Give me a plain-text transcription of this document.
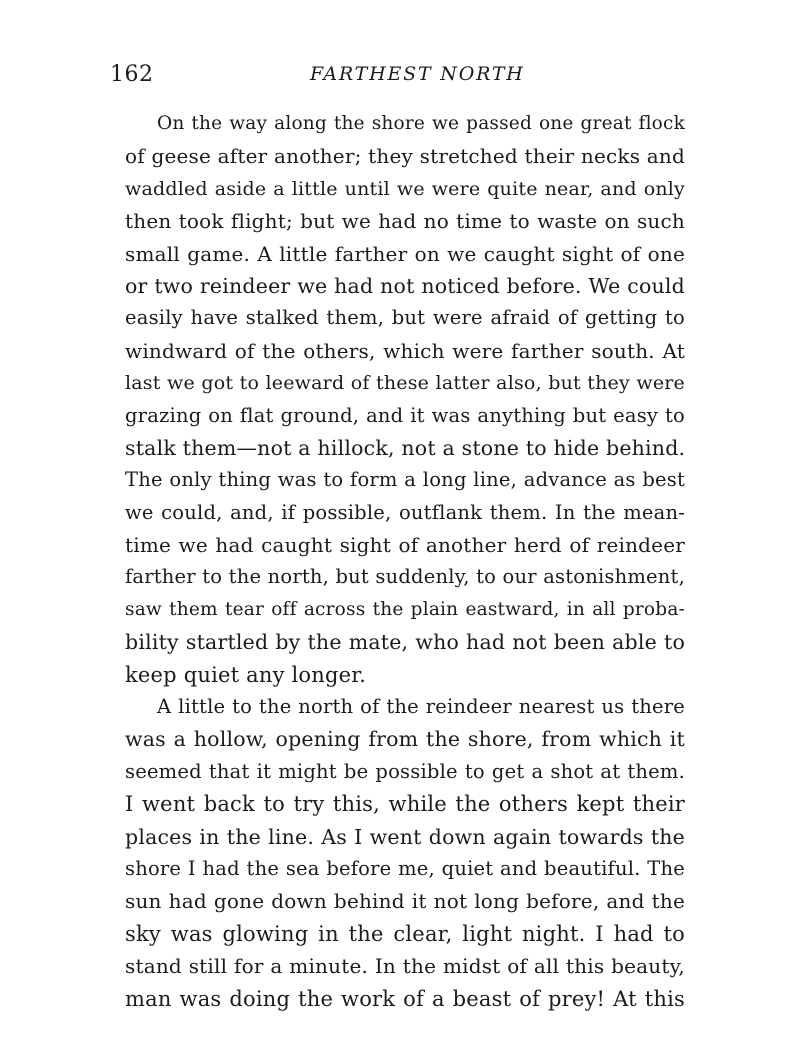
162	FARTHEST NORTH
On the way along the shore we passed one great flock
of geese after another; they stretched their necks and
waddled aside a little until we were quite near, and only
then took flight; but we had no time to waste on such
small game. A little farther on we caught sight of one
or two reindeer we had not noticed before. We could
easily have stalked them, but were afraid of getting to
windward of the others, which were farther south. At
last we got to leeward of these latter also, but they were
grazing on flat ground, and it was anything but easy to
stalk them—not a hillock, not a stone to hide behind.
The only thing was to form a long line, advance as best
we could, and, if possible, outflank them. In the mean-
time we had caught sight of another herd of reindeer
farther to the north, but suddenly, to our astonishment,
saw them tear off across the plain eastward, in all proba-
bility startled by the mate, who had not been able to
keep quiet any longer.
A little to the north of the reindeer nearest us there
was a hollow, opening from the shore, from which it
seemed that it might be possible to get a shot at them.
I went back to try this, while the others kept their
places in the line. As I went down again towards the
shore I had the sea before me, quiet and beautiful. The
sun had gone down behind it not long before, and the
sky was glowing in the clear, light night. I had to
stand still for a minute. In the midst of all this beauty,
man was doing the work of a beast of prey! At this
